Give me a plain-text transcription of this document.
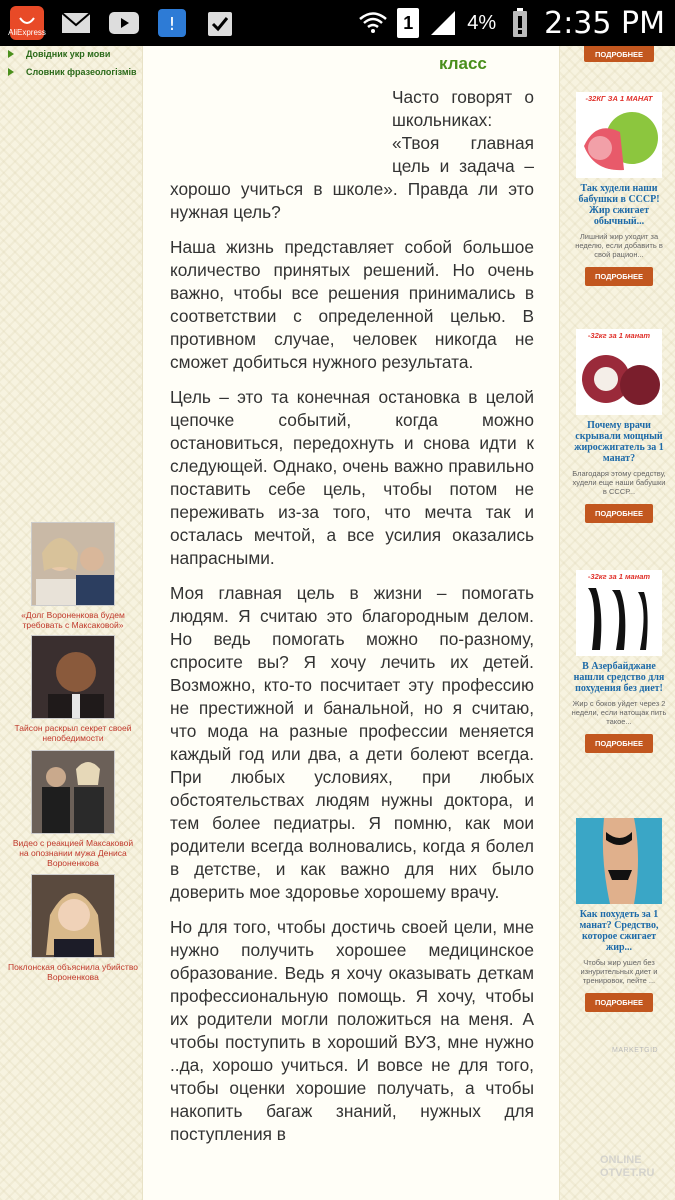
AliExpress	!	1	4% 2:35 PM
Довідник укр мови
Словник фразеологізмів
«Долг Вороненкова будем требовать с Максаковой»
Тайсон раскрыл секрет своей непобедимости
Видео с реакцией Максаковой на опознании мужа Дениса Вороненкова
Поклонская объяснила убийство Вороненкова
класс

Часто говорят о школьниках: «Твоя главная цель и задача – хорошо учиться в школе». Правда ли это нужная цель?

Наша жизнь представляет собой большое количество принятых решений. Но очень важно, чтобы все решения принимались в соответствии с определенной целью. В противном случае, человек никогда не сможет добиться нужного результата.

Цель – это та конечная остановка в целой цепочке событий, когда можно остановиться, передохнуть и снова идти к следующей. Однако, очень важно правильно поставить себе цель, чтобы потом не переживать из-за того, что мечта так и осталась мечтой, а все усилия оказались напрасными.

Моя главная цель в жизни – помогать людям. Я считаю это благородным делом. Но ведь помогать можно по-разному, спросите вы? Я хочу лечить их детей. Возможно, кто-то посчитает эту профессию не престижной и банальной, но я считаю, что мода на разные профессии меняется каждый год или два, а дети болеют всегда. При любых условиях, при любых обстоятельствах людям нужны доктора, и тем более педиатры. Я помню, как мои родители всегда волновались, когда я болел в детстве, и как важно для них было доверить мое здоровье хорошему врачу.

Но для того, чтобы достичь своей цели, мне нужно получить хорошее медицинское образование. Ведь я хочу оказывать деткам профессиональную помощь. Я хочу, чтобы их родители могли положиться на меня. А чтобы поступить в хороший ВУЗ, мне нужно ..да, хорошо учиться. И вовсе не для того, чтобы оценки хорошие получать, а чтобы накопить багаж знаний, нужных для поступления в

ПОДРОБНЕЕ
-32КГ ЗА 1 МАНАТ
Так худели наши бабушки в СССР! Жир сжигает обычный...
Лишний жир уходит за неделю, если добавить в свой рацион...
ПОДРОБНЕЕ
-32кг за 1 манат
Почему врачи скрывали мощный жиросжигатель за 1 манат?
Благодаря этому средству, худели еще наши бабушки в СССР...
ПОДРОБНЕЕ
-32кг за 1 манат
В Азербайджане нашли средство для похудения без диет!
Жир с боков уйдет через 2 недели, если натощак пить такое...
ПОДРОБНЕЕ
Как похудеть за 1 манат? Средство, которое сжигает жир...
Чтобы жир ушел без изнурительных диет и тренировок, пейте ...
ПОДРОБНЕЕ
MARKETGID
ONLINE
OTVET.RU
